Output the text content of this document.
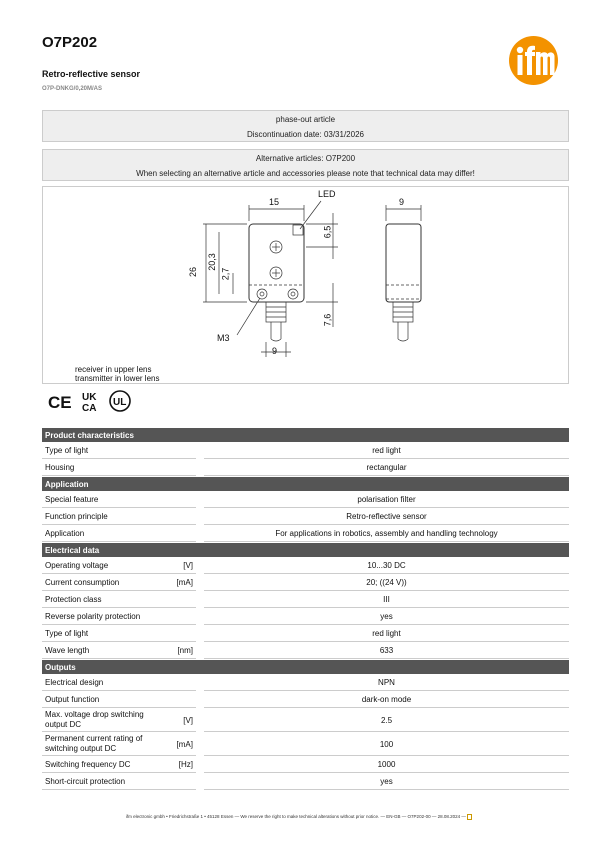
O7P202
Retro-reflective sensor
O7P-DNKG/0,20M/AS
phase-out article
Discontinuation date: 03/31/2026
Alternative articles: O7P200
When selecting an alternative article and accessories please note that technical data may differ!
15
LED
9
6,5
26
20,3
2,7
7,6
M3
9
receiver in upper lens
transmitter in lower lens
CE UK
CA
UL
Product characteristics			
Type of light			red light
Housing			rectangular
Application			
Special feature			polarisation filter
Function principle			Retro-reflective sensor
Application			For applications in robotics, assembly and handling technology
Electrical data			
Operating voltage	[V]		10...30 DC
Current consumption	[mA]		20; ((24 V))
Protection class			III
Reverse polarity protection			yes
Type of light			red light
Wave length	[nm]		633
Outputs			
Electrical design			NPN
Output function			dark-on mode
Max. voltage drop switching output DC	[V]		2.5
Permanent current rating of switching output DC	[mA]		100
Switching frequency DC	[Hz]		1000
Short-circuit protection			yes
ifm electronic gmbh • Friedrichstraße 1 • 45128 Essen — We reserve the right to make technical alterations without prior notice. — EN-GB — O7P202-00 — 28.08.2024 —
